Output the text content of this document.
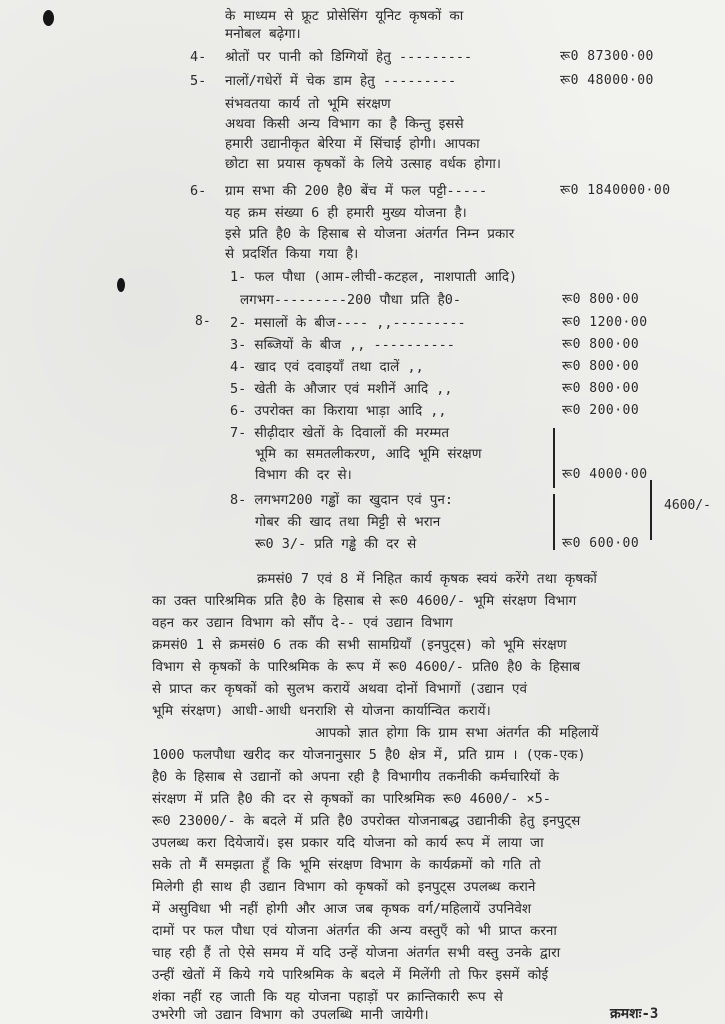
के माध्यम से फ्रूट प्रोसेसिंग यूनिट कृषकों का
मनोबल बढ़ेगा।
4- श्रोतों पर पानी को डिग्गियों हेतु ---------	रू0 87300·00
5- नालों/गधेरों में चेक डाम हेतु ---------	रू0 48000·00
संभवतया कार्य तो भूमि संरक्षण
अथवा किसी अन्य विभाग का है किन्तु इससे
हमारी उद्यानीकृत बेरिया में सिंचाई होगी। आपका
छोटा सा प्रयास कृषकों के लिये उत्साह वर्धक होगा।
6- ग्राम सभा की 200 है0 बेंच में फल पट्टी-----	रू0 1840000·00
यह क्रम संख्या 6 ही हमारी मुख्य योजना है।
इसे प्रति है0 के हिसाब से योजना अंतर्गत निम्न प्रकार
से प्रदर्शित किया गया है।
1- फल पौधा (आम-लीची-कटहल, नाशपाती आदि)
लगभग---------200 पौधा प्रति है0-	रू0 800·00
8- 2- मसालों के बीज---- ,,---------	रू0 1200·00
3- सब्जियों के बीज ,, ----------	रू0 800·00
4- खाद एवं दवाइयाँ तथा दालें ,,	रू0 800·00
5- खेती के औजार एवं मशीनें आदि ,,	रू0 800·00
6- उपरोक्त का किराया भाड़ा आदि ,,	रू0 200·00
7- सीढ़ीदार खेतों के दिवालों की मरम्मत
भूमि का समतलीकरण, आदि भूमि संरक्षण
विभाग की दर से।	रू0 4000·00
8- लगभग200 गड्ढों का खुदान एवं पुन:
गोबर की खाद तथा मिट्टी से भरान
रू0 3/- प्रति गड्ढे की दर से	रू0 600·00
4600/-
क्रमसं0 7 एवं 8 में निहित कार्य कृषक स्वयं करेंगे तथा कृषकों
का उक्त पारिश्रमिक प्रति है0 के हिसाब से रू0 4600/- भूमि संरक्षण विभाग
वहन कर उद्यान विभाग को सौंप दे-- एवं उद्यान विभाग
क्रमसं0 1 से क्रमसं0 6 तक की सभी सामग्रियाँ (इनपुट्स) को भूमि संरक्षण
विभाग से कृषकों के पारिश्रमिक के रूप में रू0 4600/- प्रति0 है0 के हिसाब
से प्राप्त कर कृषकों को सुलभ करायें अथवा दोनों विभागों (उद्यान एवं
भूमि संरक्षण) आधी-आधी धनराशि से योजना कार्यान्वित करायें।
आपको ज्ञात होगा कि ग्राम सभा अंतर्गत की महिलायें
1000 फलपौधा खरीद कर योजनानुसार 5 है0 क्षेत्र में, प्रति ग्राम । (एक-एक)
है0 के हिसाब से उद्यानों को अपना रही है विभागीय तकनीकी कर्मचारियों के
संरक्षण में प्रति है0 की दर से कृषकों का पारिश्रमिक रू0 4600/- ×5-
रू0 23000/- के बदले में प्रति है0 उपरोक्त योजनाबद्ध उद्यानीकी हेतु इनपुट्स
उपलब्ध करा दियेजायें। इस प्रकार यदि योजना को कार्य रूप में लाया जा
सके तो मैं समझता हूँ कि भूमि संरक्षण विभाग के कार्यक्रमों को गति तो
मिलेगी ही साथ ही उद्यान विभाग को कृषकों को इनपुट्स उपलब्ध कराने
में असुविधा भी नहीं होगी और आज जब कृषक वर्ग/महिलायें उपनिवेश
दामों पर फल पौधा एवं योजना अंतर्गत की अन्य वस्तुएँ को भी प्राप्त करना
चाह रही हैं तो ऐसे समय में यदि उन्हें योजना अंतर्गत सभी वस्तु उनके द्वारा
उन्हीं खेतों में किये गये पारिश्रमिक के बदले में मिलेंगी तो फिर इसमें कोई
शंका नहीं रह जाती कि यह योजना पहाड़ों पर क्रान्तिकारी रूप से
उभरेगी जो उद्यान विभाग को उपलब्धि मानी जायेगी।	क्रमशः-3
